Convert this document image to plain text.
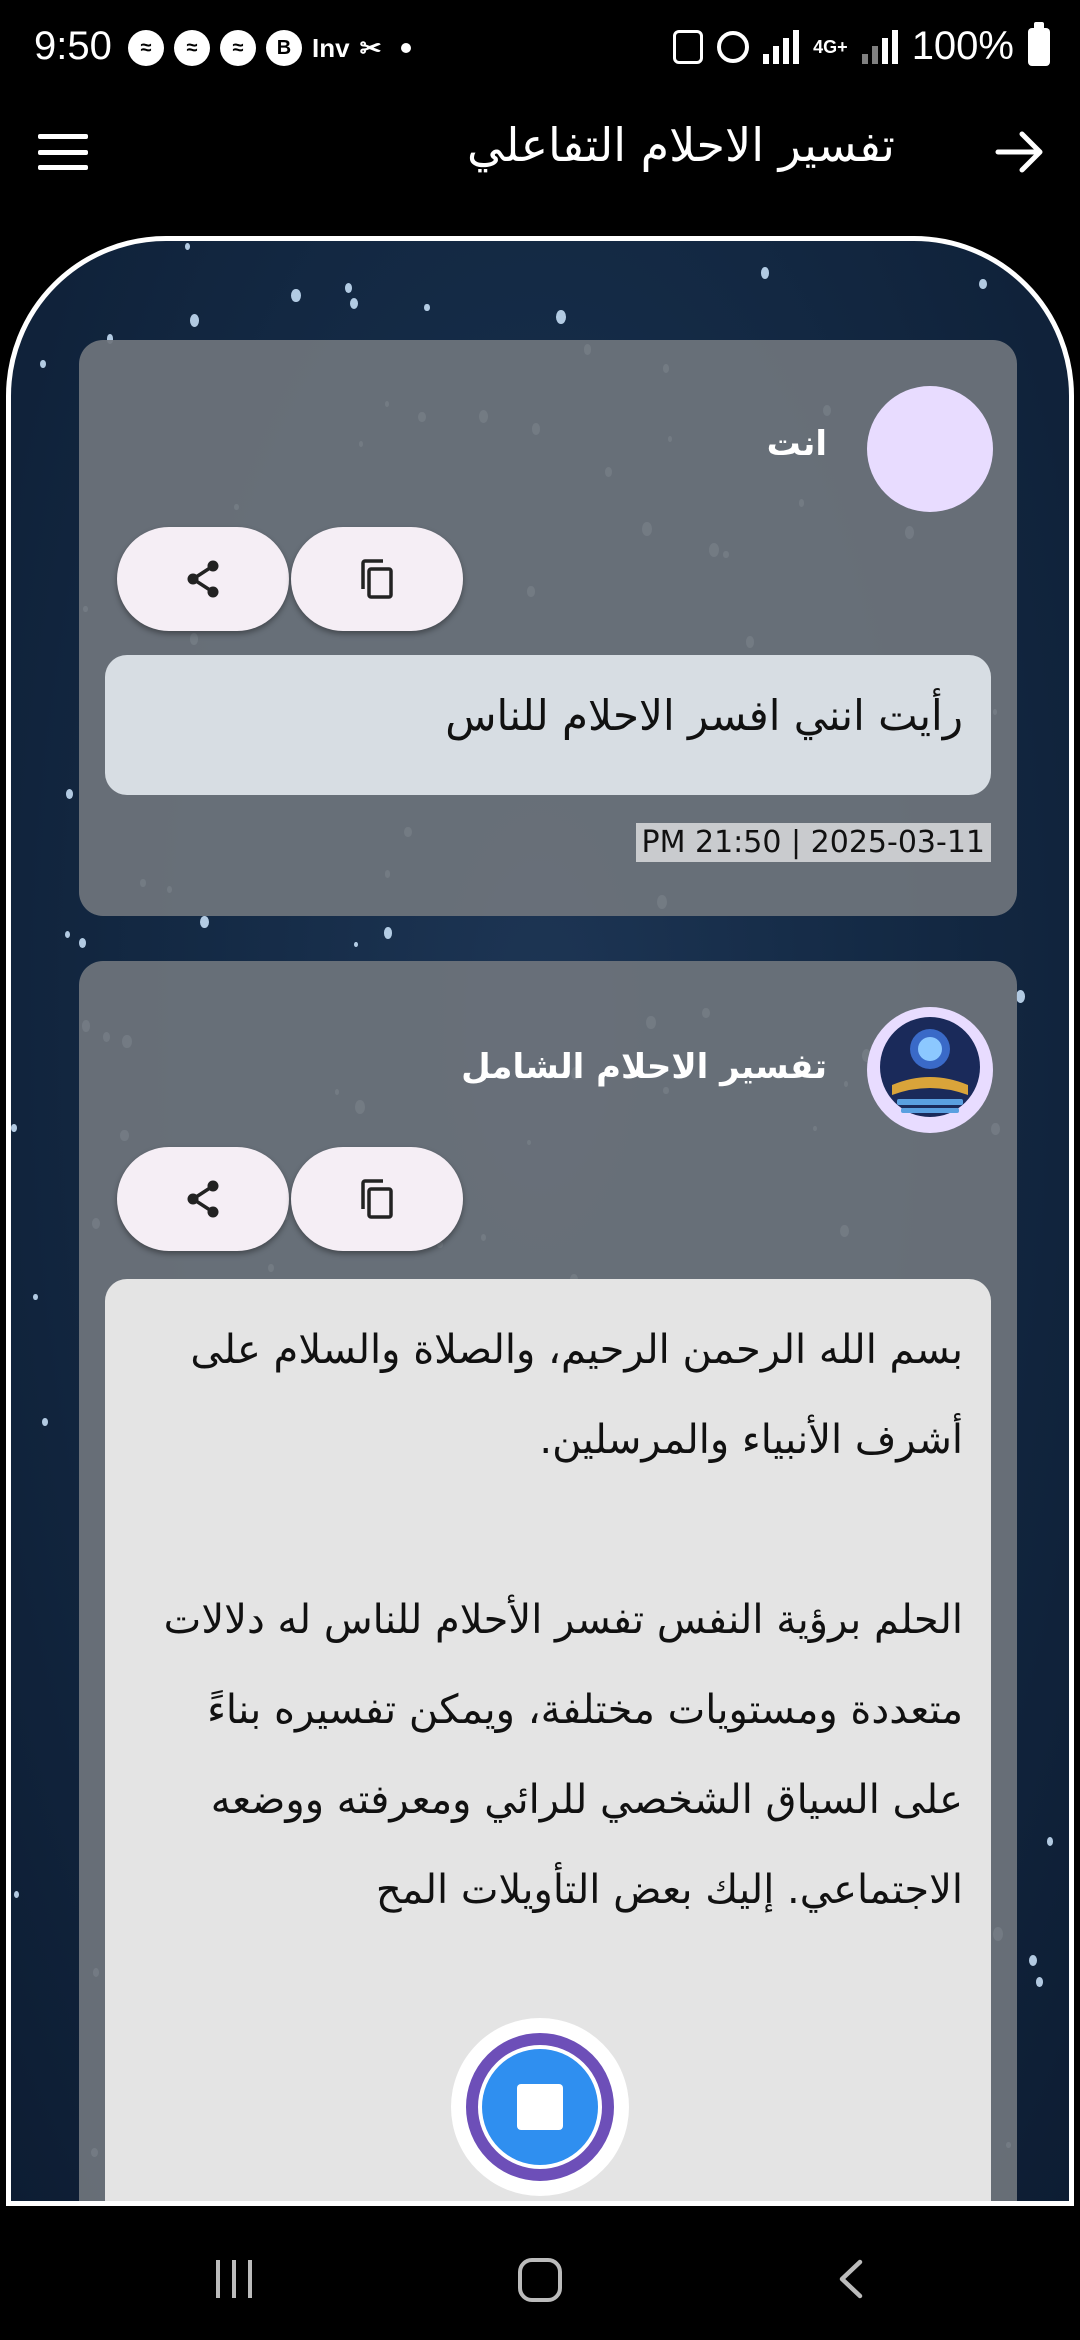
9:50	≈	≈	≈	B Inv ✂	4G+ 100%
تفسير الاحلام التفاعلي
انت
رأيت انني افسر الاحلام للناس
PM 21:50 | 2025-03-11
تفسير الاحلام الشامل

بسم الله الرحمن الرحيم، والصلاة والسلام على أشرف الأنبياء والمرسلين.

الحلم برؤية النفس تفسر الأحلام للناس له دلالات متعددة ومستويات مختلفة، ويمكن تفسيره بناءً على السياق الشخصي للرائي ومعرفته ووضعه الاجتماعي. إليك بعض التأويلات المح
